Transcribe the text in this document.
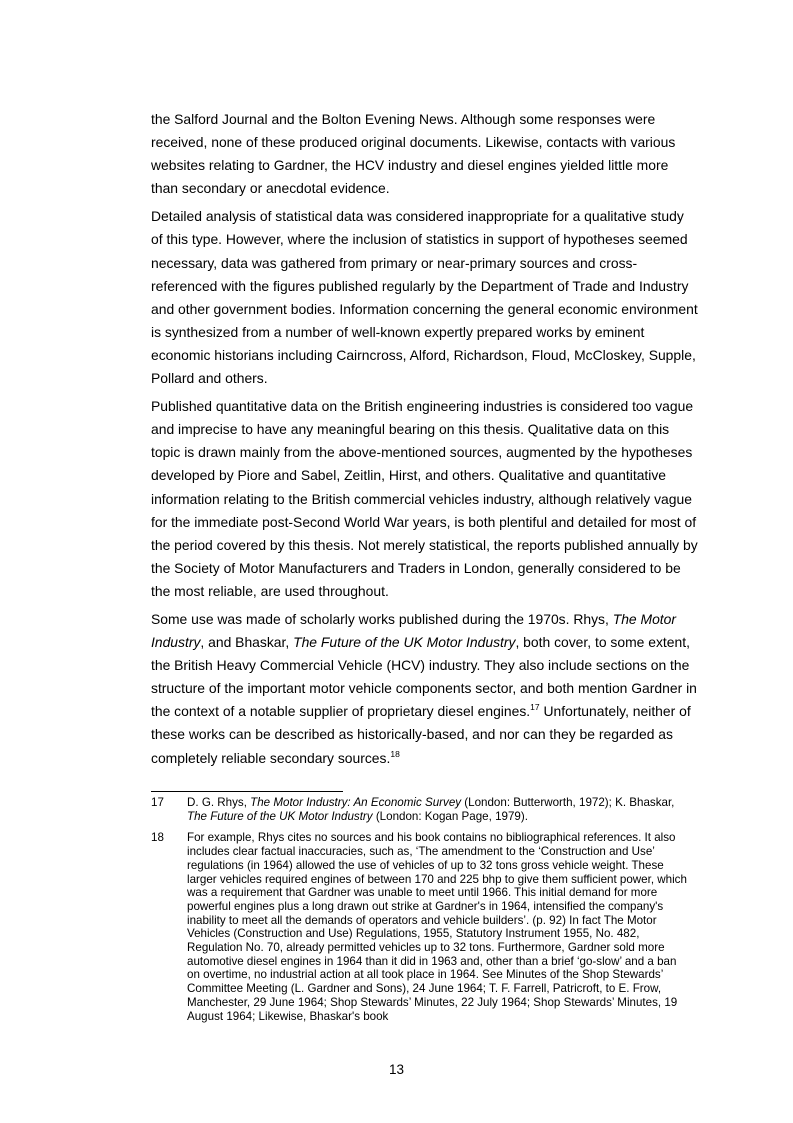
the Salford Journal and the Bolton Evening News. Although some responses were received, none of these produced original documents. Likewise, contacts with various websites relating to Gardner, the HCV industry and diesel engines yielded little more than secondary or anecdotal evidence.

Detailed analysis of statistical data was considered inappropriate for a qualitative study of this type. However, where the inclusion of statistics in support of hypotheses seemed necessary, data was gathered from primary or near-primary sources and cross-referenced with the figures published regularly by the Department of Trade and Industry and other government bodies. Information concerning the general economic environment is synthesized from a number of well-known expertly prepared works by eminent economic historians including Cairncross, Alford, Richardson, Floud, McCloskey, Supple, Pollard and others.

Published quantitative data on the British engineering industries is considered too vague and imprecise to have any meaningful bearing on this thesis. Qualitative data on this topic is drawn mainly from the above-mentioned sources, augmented by the hypotheses developed by Piore and Sabel, Zeitlin, Hirst, and others. Qualitative and quantitative information relating to the British commercial vehicles industry, although relatively vague for the immediate post-Second World War years, is both plentiful and detailed for most of the period covered by this thesis. Not merely statistical, the reports published annually by the Society of Motor Manufacturers and Traders in London, generally considered to be the most reliable, are used throughout.

Some use was made of scholarly works published during the 1970s. Rhys, The Motor Industry, and Bhaskar, The Future of the UK Motor Industry, both cover, to some extent, the British Heavy Commercial Vehicle (HCV) industry. They also include sections on the structure of the important motor vehicle components sector, and both mention Gardner in the context of a notable supplier of proprietary diesel engines.$^{17}$ Unfortunately, neither of these works can be described as historically-based, and nor can they be regarded as completely reliable secondary sources.$^{18}$

17	D. G. Rhys, The Motor Industry: An Economic Survey (London: Butterworth, 1972); K. Bhaskar, The Future of the UK Motor Industry (London: Kogan Page, 1979).
18	For example, Rhys cites no sources and his book contains no bibliographical references. It also includes clear factual inaccuracies, such as, ‘The amendment to the ‘Construction and Use’ regulations (in 1964) allowed the use of vehicles of up to 32 tons gross vehicle weight. These larger vehicles required engines of between 170 and 225 bhp to give them sufficient power, which was a requirement that Gardner was unable to meet until 1966. This initial demand for more powerful engines plus a long drawn out strike at Gardner's in 1964, intensified the company's inability to meet all the demands of operators and vehicle builders’. (p. 92) In fact The Motor Vehicles (Construction and Use) Regulations, 1955, Statutory Instrument 1955, No. 482, Regulation No. 70, already permitted vehicles up to 32 tons. Furthermore, Gardner sold more automotive diesel engines in 1964 than it did in 1963 and, other than a brief ‘go-slow’ and a ban on overtime, no industrial action at all took place in 1964. See Minutes of the Shop Stewards’ Committee Meeting (L. Gardner and Sons), 24 June 1964; T. F. Farrell, Patricroft, to E. Frow, Manchester, 29 June 1964; Shop Stewards’ Minutes, 22 July 1964; Shop Stewards’ Minutes, 19 August 1964; Likewise, Bhaskar's book
13
